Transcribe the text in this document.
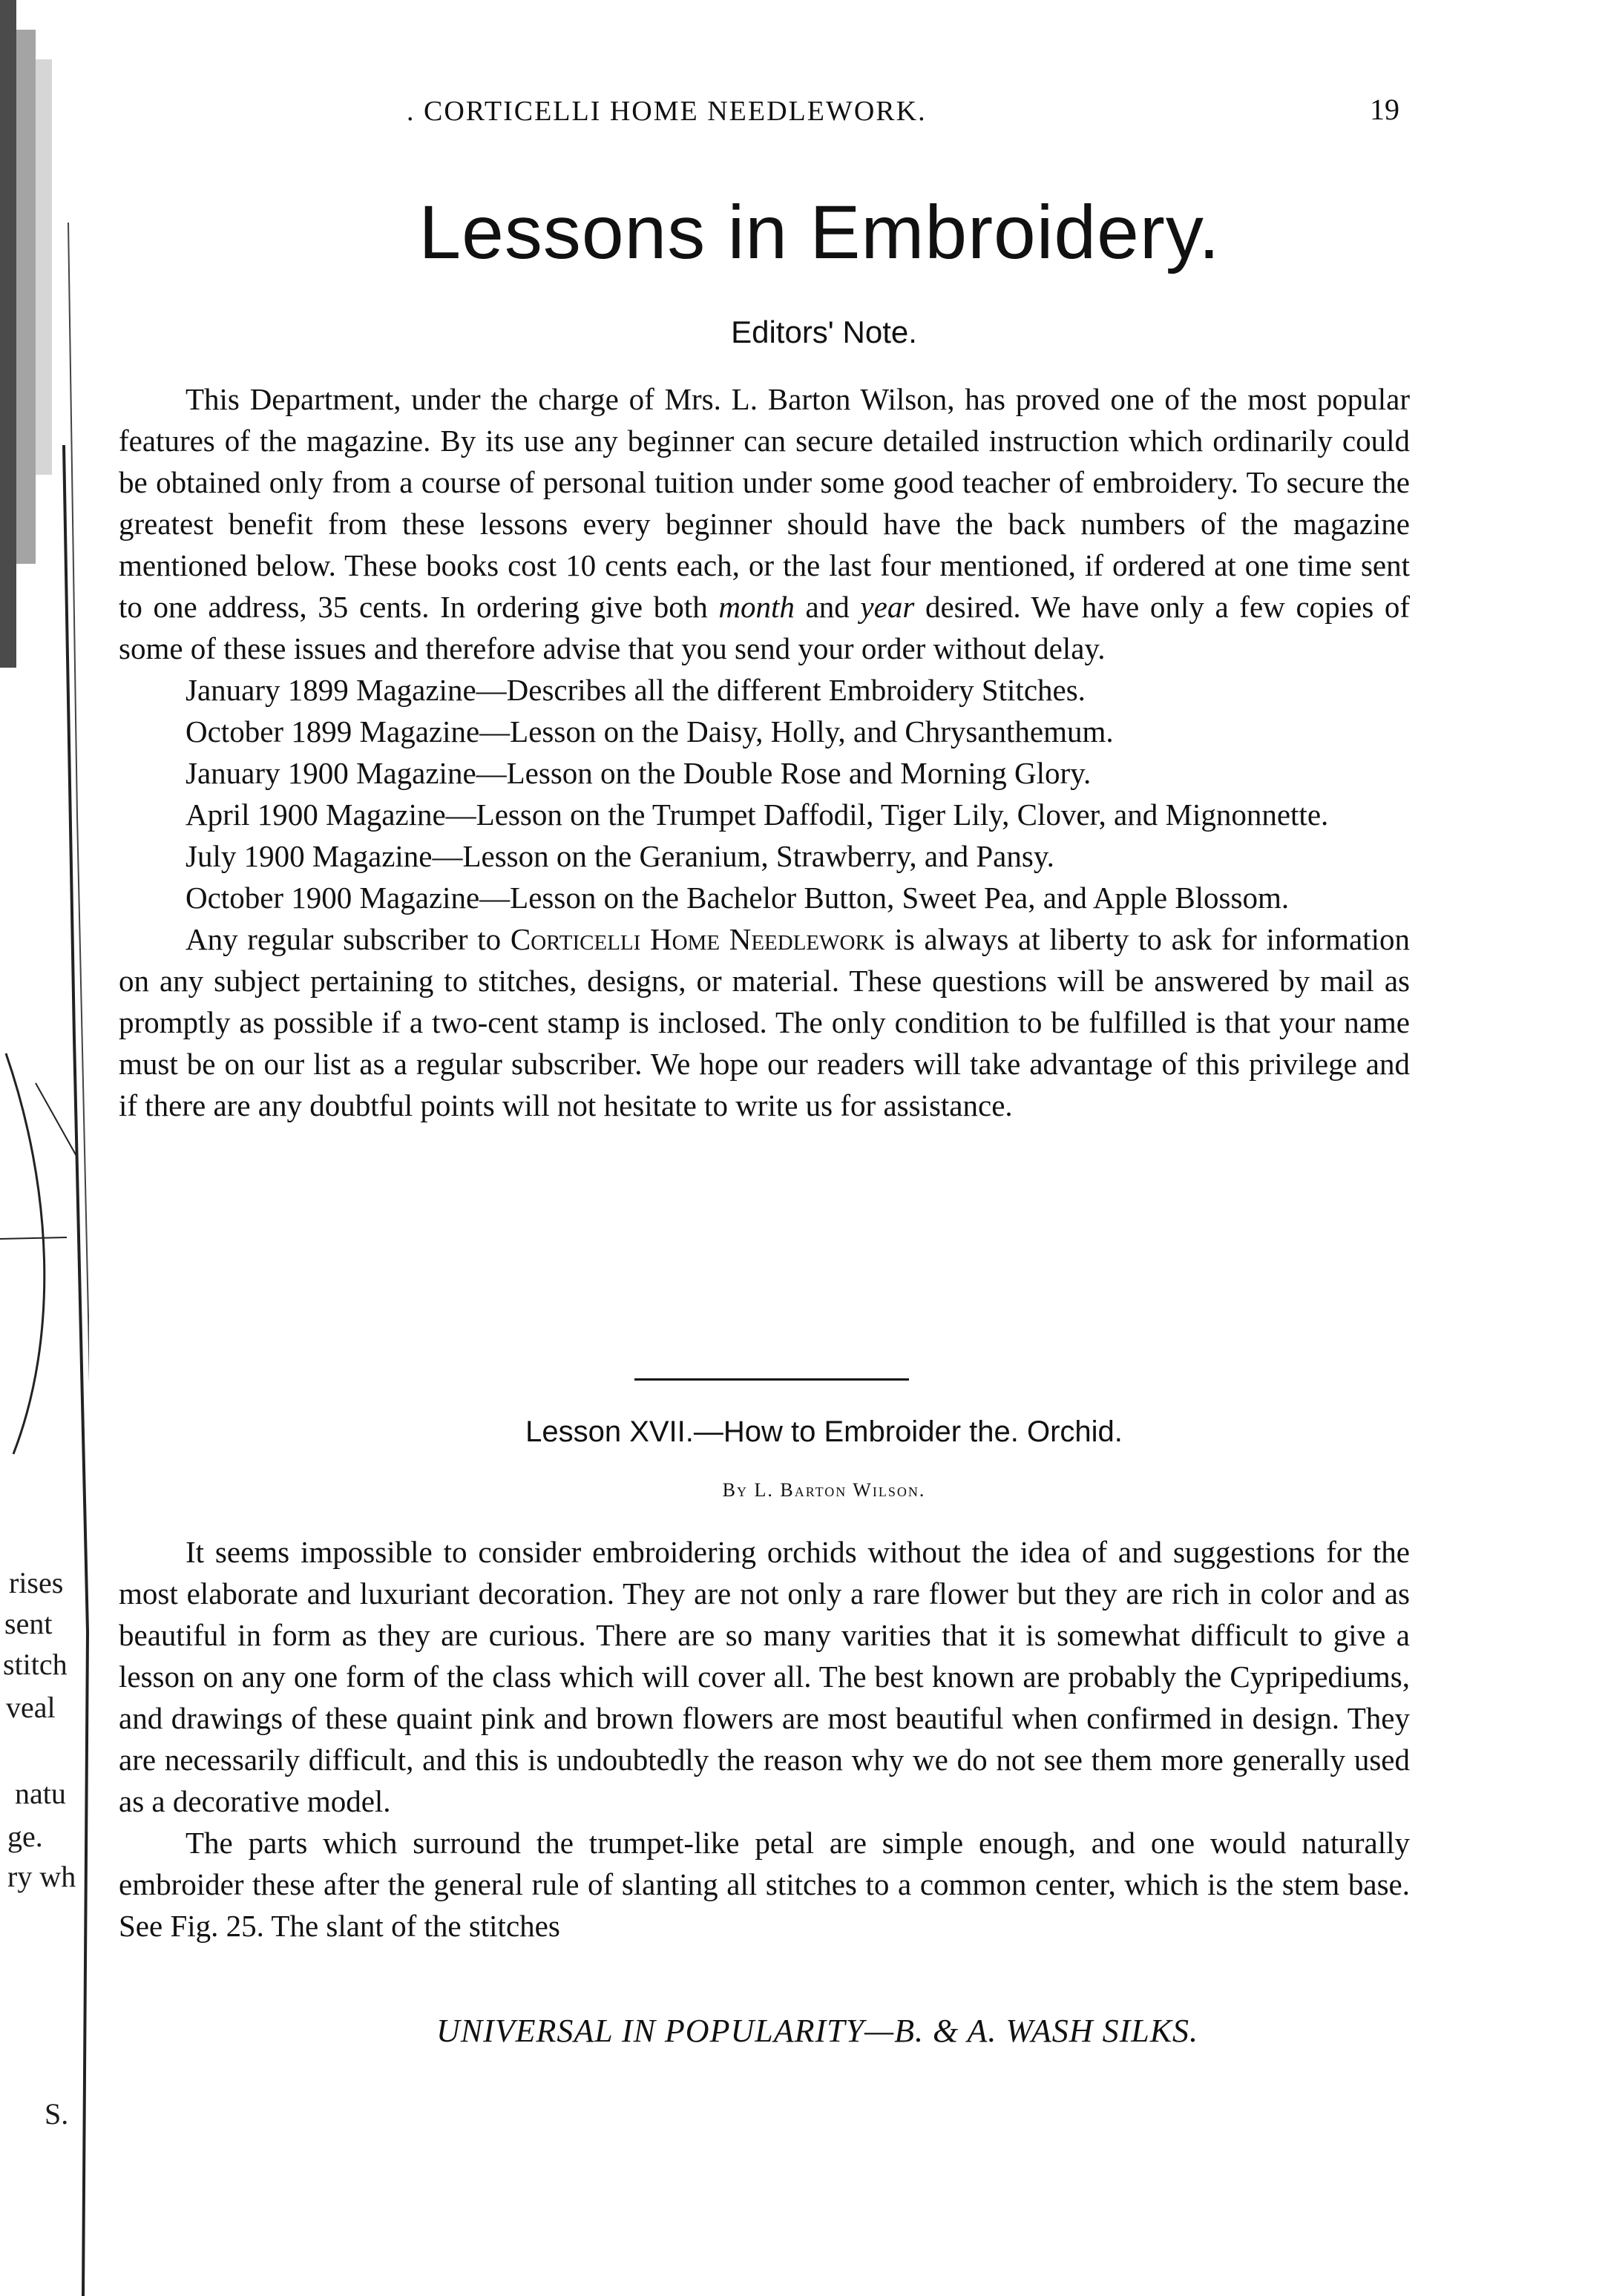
rises
sent
stitch
veal
natu
ge.
ry wh
S.
. CORTICELLI HOME NEEDLEWORK.	19
Lessons in Embroidery.
Editors' Note.

This Department, under the charge of Mrs. L. Barton Wilson, has proved one of the most popular features of the magazine. By its use any beginner can secure detailed instruction which ordinarily could be obtained only from a course of personal tuition under some good teacher of embroidery. To secure the greatest benefit from these lessons every beginner should have the back numbers of the magazine mentioned below. These books cost 10 cents each, or the last four mentioned, if ordered at one time sent to one address, 35 cents. In ordering give both month and year desired. We have only a few copies of some of these issues and therefore advise that you send your order without delay.

January 1899 Magazine—Describes all the different Embroidery Stitches.

October 1899 Magazine—Lesson on the Daisy, Holly, and Chrysanthemum.

January 1900 Magazine—Lesson on the Double Rose and Morning Glory.

April 1900 Magazine—Lesson on the Trumpet Daffodil, Tiger Lily, Clover, and Mignonnette.

July 1900 Magazine—Lesson on the Geranium, Strawberry, and Pansy.

October 1900 Magazine—Lesson on the Bachelor Button, Sweet Pea, and Apple Blossom.

Any regular subscriber to Corticelli Home Needlework is always at liberty to ask for information on any subject pertaining to stitches, designs, or material. These questions will be answered by mail as promptly as possible if a two-cent stamp is inclosed. The only condition to be fulfilled is that your name must be on our list as a regular subscriber. We hope our readers will take advantage of this privilege and if there are any doubtful points will not hesitate to write us for assistance.

Lesson XVII.—How to Embroider the. Orchid.
By L. Barton Wilson.

It seems impossible to consider embroidering orchids without the idea of and suggestions for the most elaborate and luxuriant decoration. They are not only a rare flower but they are rich in color and as beautiful in form as they are curious. There are so many varities that it is somewhat difficult to give a lesson on any one form of the class which will cover all. The best known are probably the Cypripediums, and drawings of these quaint pink and brown flowers are most beautiful when confirmed in design. They are necessarily difficult, and this is undoubtedly the reason why we do not see them more generally used as a decorative model.

The parts which surround the trumpet-like petal are simple enough, and one would naturally embroider these after the general rule of slanting all stitches to a common center, which is the stem base. See Fig. 25. The slant of the stitches

UNIVERSAL IN POPULARITY—B. & A. WASH SILKS.
